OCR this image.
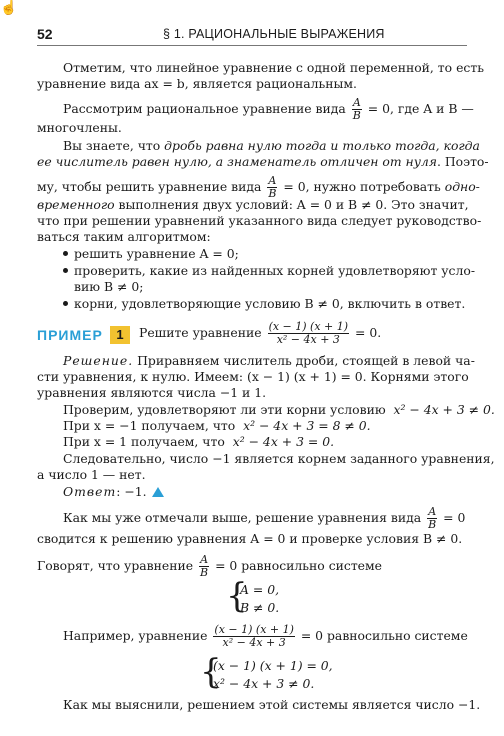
☝
52	§ 1. РАЦИОНАЛЬНЫЕ ВЫРАЖЕНИЯ
Отметим, что линейное уравнение с одной переменной, то есть
уравнение вида ax = b, является рациональным.
Рассмотрим рациональное уравнение вида $\frac{A}{B} = 0$, где A и B —
многочлены.
Вы знаете, что дробь равна нулю тогда и только тогда, когда
ее числитель равен нулю, а знаменатель отличен от нуля. Поэто-
му, чтобы решить уравнение вида $\frac{A}{B} = 0$, нужно потребовать одно-
временного выполнения двух условий: A = 0 и B ≠ 0. Это значит,
что при решении уравнений указанного вида следует руководство-
ваться таким алгоритмом:
решить уравнение A = 0;
проверить, какие из найденных корней удовлетворяют усло-
вию B ≠ 0;
корни, удовлетворяющие условию B ≠ 0, включить в ответ.
ПРИМЕР	1	Решите уравнение $\frac{(x - 1) (x + 1)}{\text{x² − 4x + 3}} = 0$.
Решение. Приравняем числитель дроби, стоящей в левой ча-
сти уравнения, к нулю. Имеем: (x − 1) (x + 1) = 0. Корнями этого
уравнения являются числа −1 и 1.
Проверим, удовлетворяют ли эти корни условию x² − 4x + 3 ≠ 0.
При x = −1 получаем, что x² − 4x + 3 = 8 ≠ 0.
При x = 1 получаем, что x² − 4x + 3 = 0.
Следовательно, число −1 является корнем заданного уравнения,
а число 1 — нет.
Ответ: −1.
Как мы уже отмечали выше, решение уравнения вида $\frac{A}{B} = 0$
сводится к решению уравнения A = 0 и проверке условия B ≠ 0.
Говорят, что уравнение $\frac{A}{B} = 0$ равносильно системе
{
A = 0,
B ≠ 0.
Например, уравнение $\frac{(x - 1) (x + 1)}{\text{x² − 4x + 3}} = 0$ равносильно системе
{
(x − 1) (x + 1) = 0,
x² − 4x + 3 ≠ 0.
Как мы выяснили, решением этой системы является число −1.
